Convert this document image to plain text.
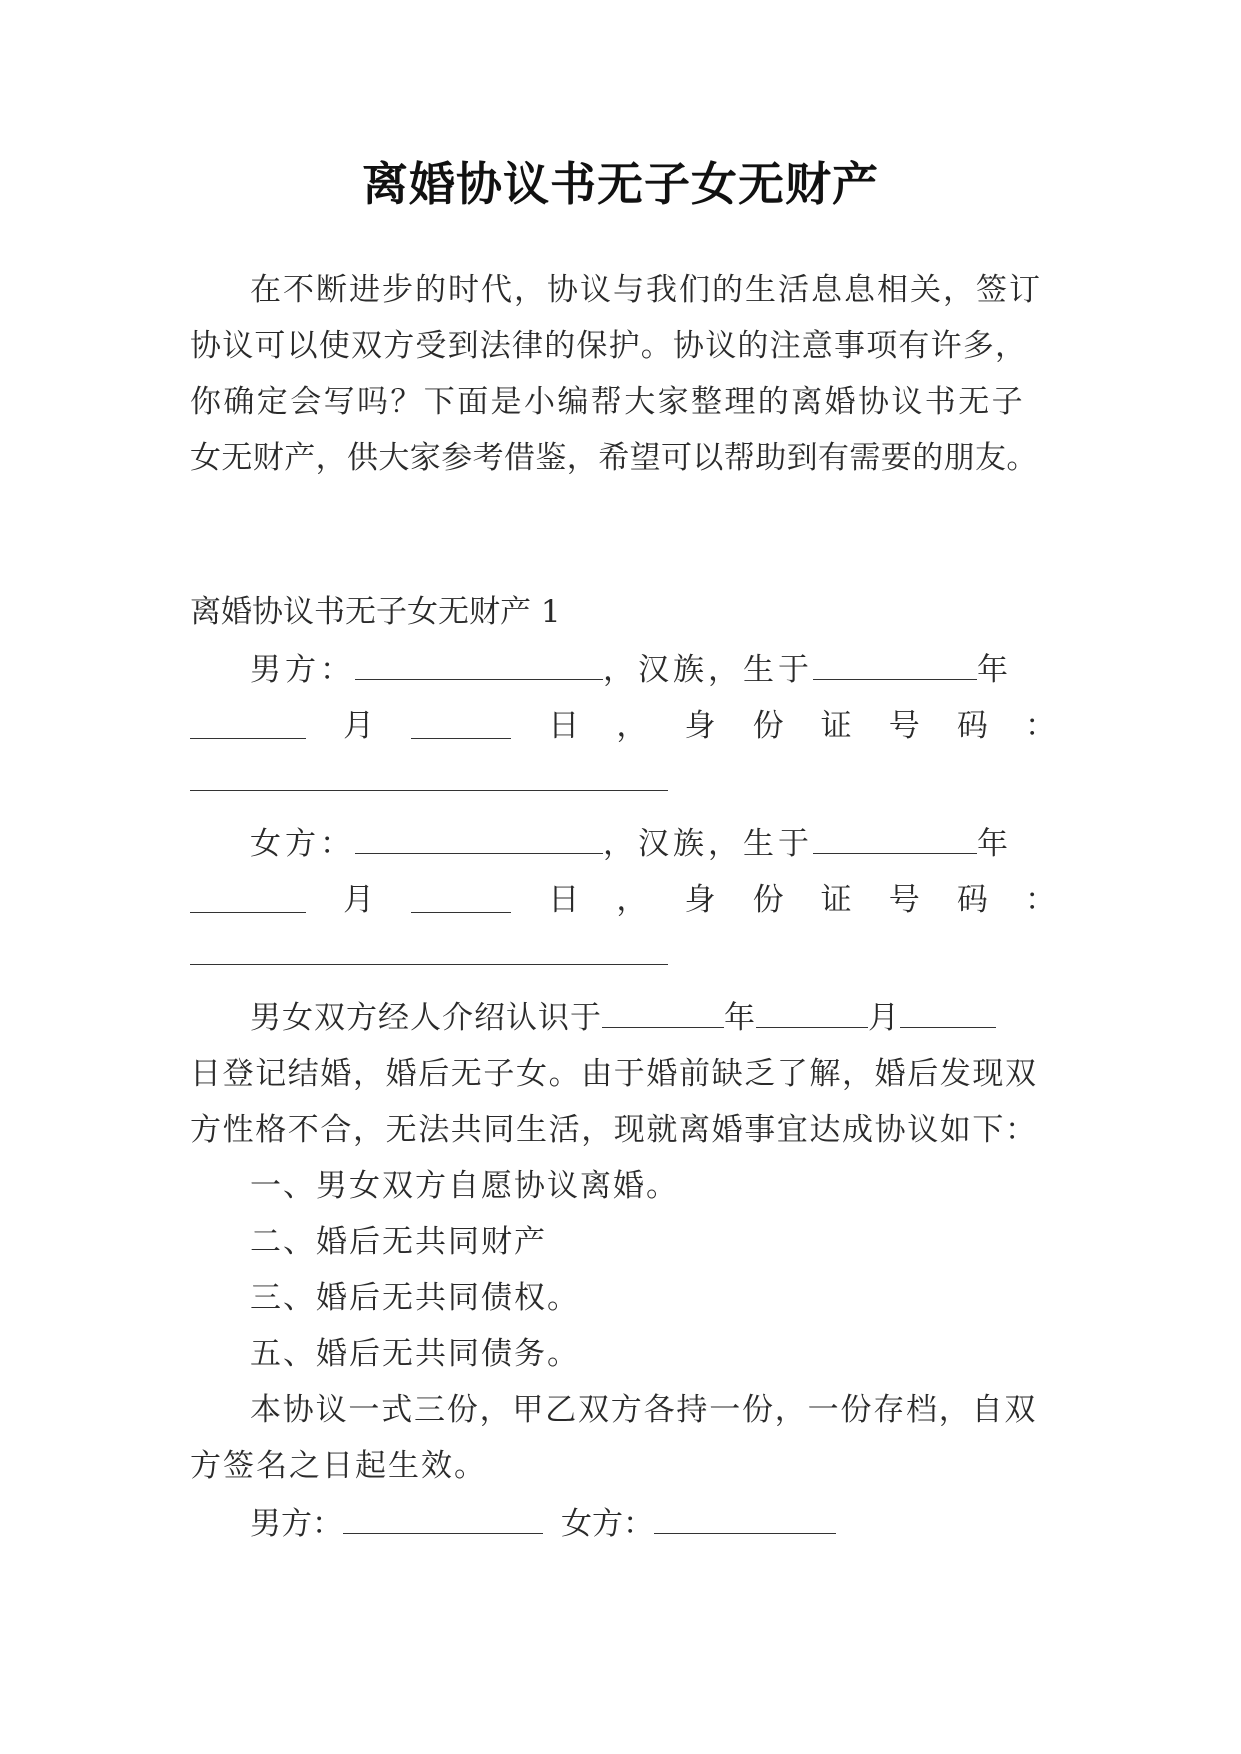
离婚协议书无子女无财产
在不断进步的时代，协议与我们的生活息息相关，签订
协议可以使双方受到法律的保护。协议的注意事项有许多，
你确定会写吗？下面是小编帮大家整理的离婚协议书无子
女无财产，供大家参考借鉴，希望可以帮助到有需要的朋友。
离婚协议书无子女无财产 1
男方：	，汉族，生于	年
月	日 ， 身 份 证 号 码 ：
女方：	，汉族，生于	年
月	日 ， 身 份 证 号 码 ：
男女双方经人介绍认识于	年	月
日登记结婚，婚后无子女。由于婚前缺乏了解，婚后发现双
方性格不合，无法共同生活，现就离婚事宜达成协议如下：
一、男女双方自愿协议离婚。
二、婚后无共同财产
三、婚后无共同债权。
五、婚后无共同债务。
本协议一式三份，甲乙双方各持一份，一份存档，自双
方签名之日起生效。
男方：	女方：
